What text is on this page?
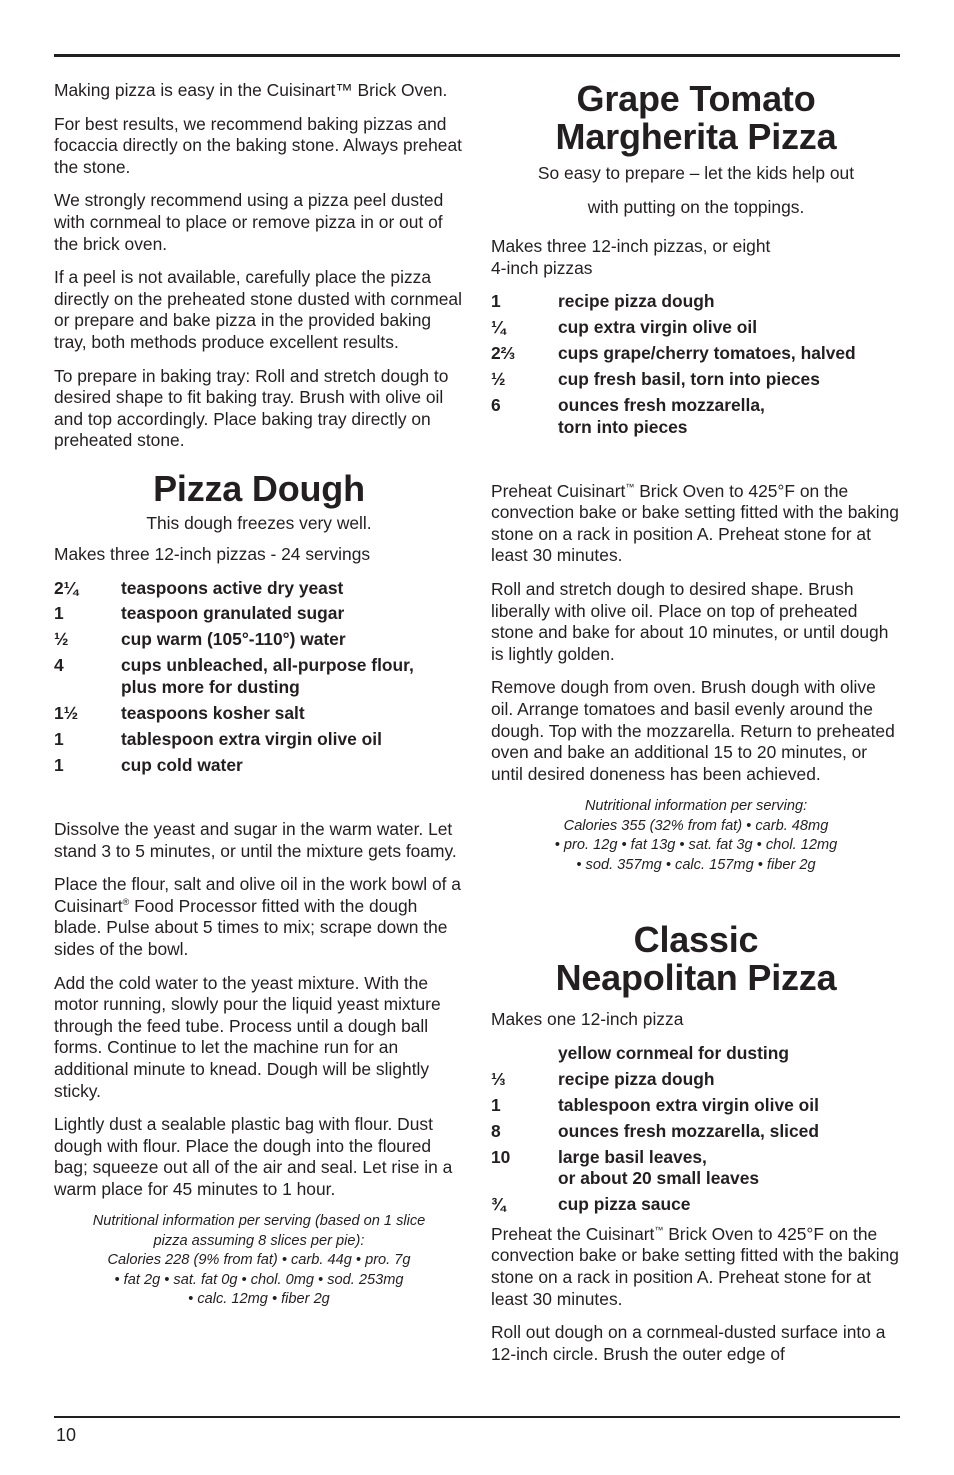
Making pizza is easy in the Cuisinart™ Brick Oven.

For best results, we recommend baking pizzas and focaccia directly on the baking stone. Always preheat the stone.

We strongly recommend using a pizza peel dusted with cornmeal to place or remove pizza in or out of the brick oven.

If a peel is not available, carefully place the pizza directly on the preheated stone dusted with cornmeal or prepare and bake pizza in the provided baking tray, both methods produce excellent results.

To prepare in baking tray: Roll and stretch dough to desired shape to fit baking tray. Brush with olive oil and top accordingly. Place baking tray directly on preheated stone.

Pizza Dough

This dough freezes very well.

Makes three 12-inch pizzas - 24 servings

2¼	teaspoons active dry yeast
1	teaspoon granulated sugar
½	cup warm (105°-110°) water
4	cups unbleached, all-purpose flour,
plus more for dusting
1½	teaspoons kosher salt
1	tablespoon extra virgin olive oil
1	cup cold water

Dissolve the yeast and sugar in the warm water. Let stand 3 to 5 minutes, or until the mixture gets foamy.

Place the flour, salt and olive oil in the work bowl of a Cuisinart® Food Processor fitted with the dough blade. Pulse about 5 times to mix; scrape down the sides of the bowl.

Add the cold water to the yeast mixture. With the motor running, slowly pour the liquid yeast mixture through the feed tube. Process until a dough ball forms. Continue to let the machine run for an additional minute to knead. Dough will be slightly sticky.

Lightly dust a sealable plastic bag with flour. Dust dough with flour. Place the dough into the floured bag; squeeze out all of the air and seal. Let rise in a warm place for 45 minutes to 1 hour.

Nutritional information per serving (based on 1 slice
pizza assuming 8 slices per pie):
Calories 228 (9% from fat) • carb. 44g • pro. 7g
• fat 2g • sat. fat 0g • chol. 0mg • sod. 253mg
• calc. 12mg • fiber 2g
Grape Tomato
Margherita Pizza

So easy to prepare – let the kids help out

with putting on the toppings.

Makes three 12-inch pizzas, or eight
4-inch pizzas

1	recipe pizza dough
¼	cup extra virgin olive oil
2⅔	cups grape/cherry tomatoes, halved
½	cup fresh basil, torn into pieces
6	ounces fresh mozzarella,
torn into pieces

Preheat Cuisinart™ Brick Oven to 425°F on the convection bake or bake setting fitted with the baking stone on a rack in position A. Preheat stone for at least 30 minutes.

Roll and stretch dough to desired shape. Brush liberally with olive oil. Place on top of preheated stone and bake for about 10 minutes, or until dough is lightly golden.

Remove dough from oven. Brush dough with olive oil. Arrange tomatoes and basil evenly around the dough. Top with the mozzarella. Return to preheated oven and bake an additional 15 to 20 minutes, or until desired doneness has been achieved.

Nutritional information per serving:
Calories 355 (32% from fat) • carb. 48mg
• pro. 12g • fat 13g • sat. fat 3g • chol. 12mg
• sod. 357mg • calc. 157mg • fiber 2g
Classic
Neapolitan Pizza

Makes one 12-inch pizza

yellow cornmeal for dusting
⅓	recipe pizza dough
1	tablespoon extra virgin olive oil
8	ounces fresh mozzarella, sliced
10	large basil leaves,
or about 20 small leaves
¾	cup pizza sauce

Preheat the Cuisinart™ Brick Oven to 425°F on the convection bake or bake setting fitted with the baking stone on a rack in position A. Preheat stone for at least 30 minutes.

Roll out dough on a cornmeal-dusted surface into a 12-inch circle. Brush the outer edge of

10
